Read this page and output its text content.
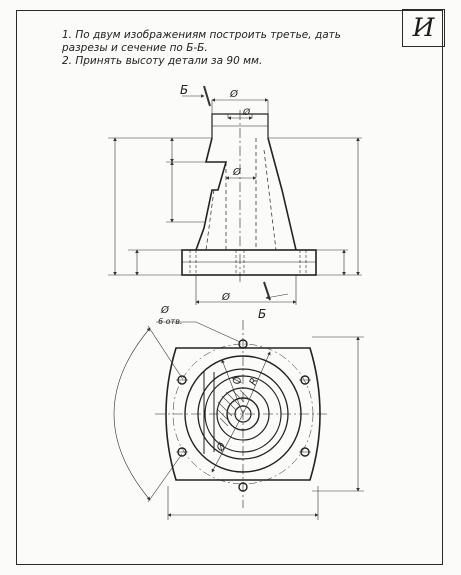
И

1. По двум изображениям построить третье, дать

разрезы и сечение по Б-Б.

2. Принять высоту детали за 90 мм.

Б
Б
Ø
Ø
Ø
Ø
Ø
6 отв.
R
Ø
Ø
